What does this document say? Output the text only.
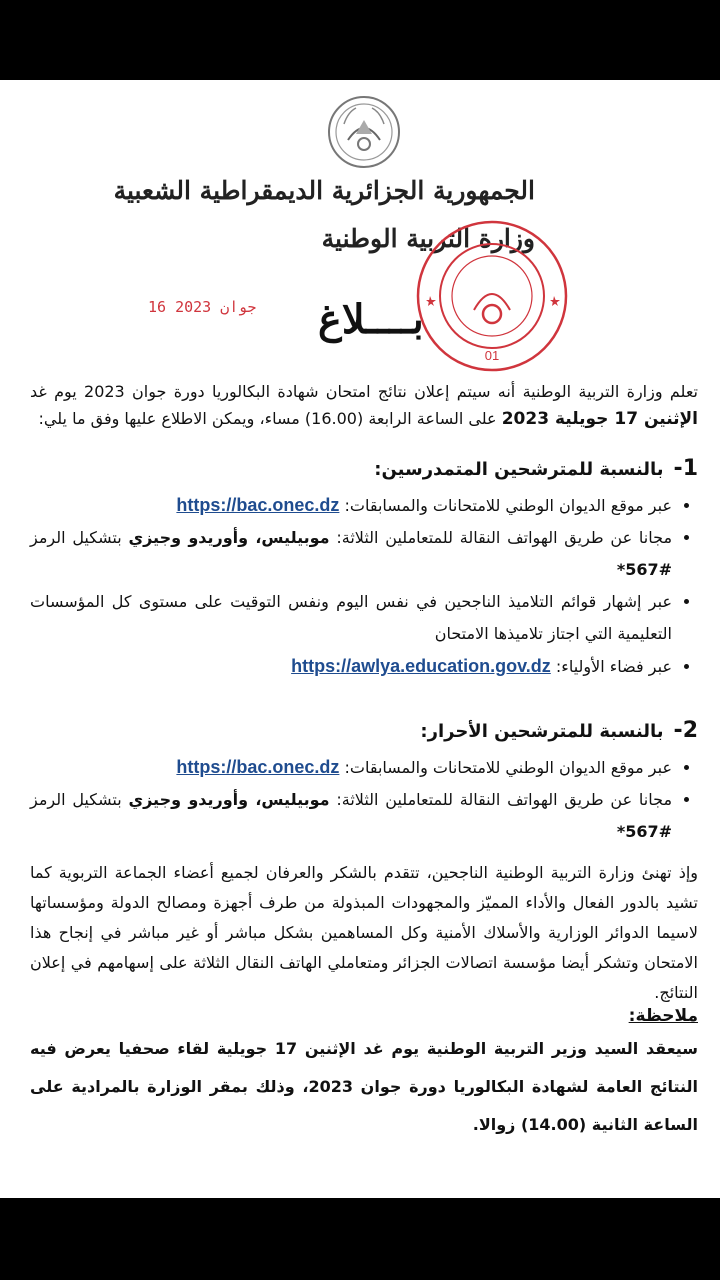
الجمهورية الجزائرية الديمقراطية الشعبية
وزارة التربية الوطنية
01
16 جوان 2023 بــــلاغ

تعلم وزارة التربية الوطنية أنه سيتم إعلان نتائج امتحان شهادة البكالوريا دورة جوان 2023 يوم غد الإثنين 17 جويلية 2023 على الساعة الرابعة (16.00) مساء، ويمكن الاطلاع عليها وفق ما يلي:

1-بالنسبة للمترشحين المتمدرسين:

• عبر موقع الديوان الوطني للامتحانات والمسابقات: https://bac.onec.dz
• مجانا عن طريق الهواتف النقالة للمتعاملين الثلاثة: موبيليس، وأوريدو وجيزي بتشكيل الرمز *567#
• عبر إشهار قوائم التلاميذ الناجحين في نفس اليوم ونفس التوقيت على مستوى كل المؤسسات التعليمية التي اجتاز تلاميذها الامتحان
• عبر فضاء الأولياء: https://awlya.education.gov.dz

2-بالنسبة للمترشحين الأحرار:

• عبر موقع الديوان الوطني للامتحانات والمسابقات: https://bac.onec.dz
• مجانا عن طريق الهواتف النقالة للمتعاملين الثلاثة: موبيليس، وأوريدو وجيزي بتشكيل الرمز *567#

وإذ تهنئ وزارة التربية الوطنية الناجحين، تتقدم بالشكر والعرفان لجميع أعضاء الجماعة التربوية كما تشيد بالدور الفعال والأداء المميّز والمجهودات المبذولة من طرف أجهزة ومصالح الدولة ومؤسساتها لاسيما الدوائر الوزارية والأسلاك الأمنية وكل المساهمين بشكل مباشر أو غير مباشر في إنجاح هذا الامتحان وتشكر أيضا مؤسسة اتصالات الجزائر ومتعاملي الهاتف النقال الثلاثة على إسهامهم في إعلان النتائج.

ملاحظة:

سيعقد السيد وزير التربية الوطنية يوم غد الإثنين 17 جويلية لقاء صحفيا يعرض فيه النتائج العامة لشهادة البكالوريا دورة جوان 2023، وذلك بمقر الوزارة بالمرادية على الساعة الثانية (14.00) زوالا.
